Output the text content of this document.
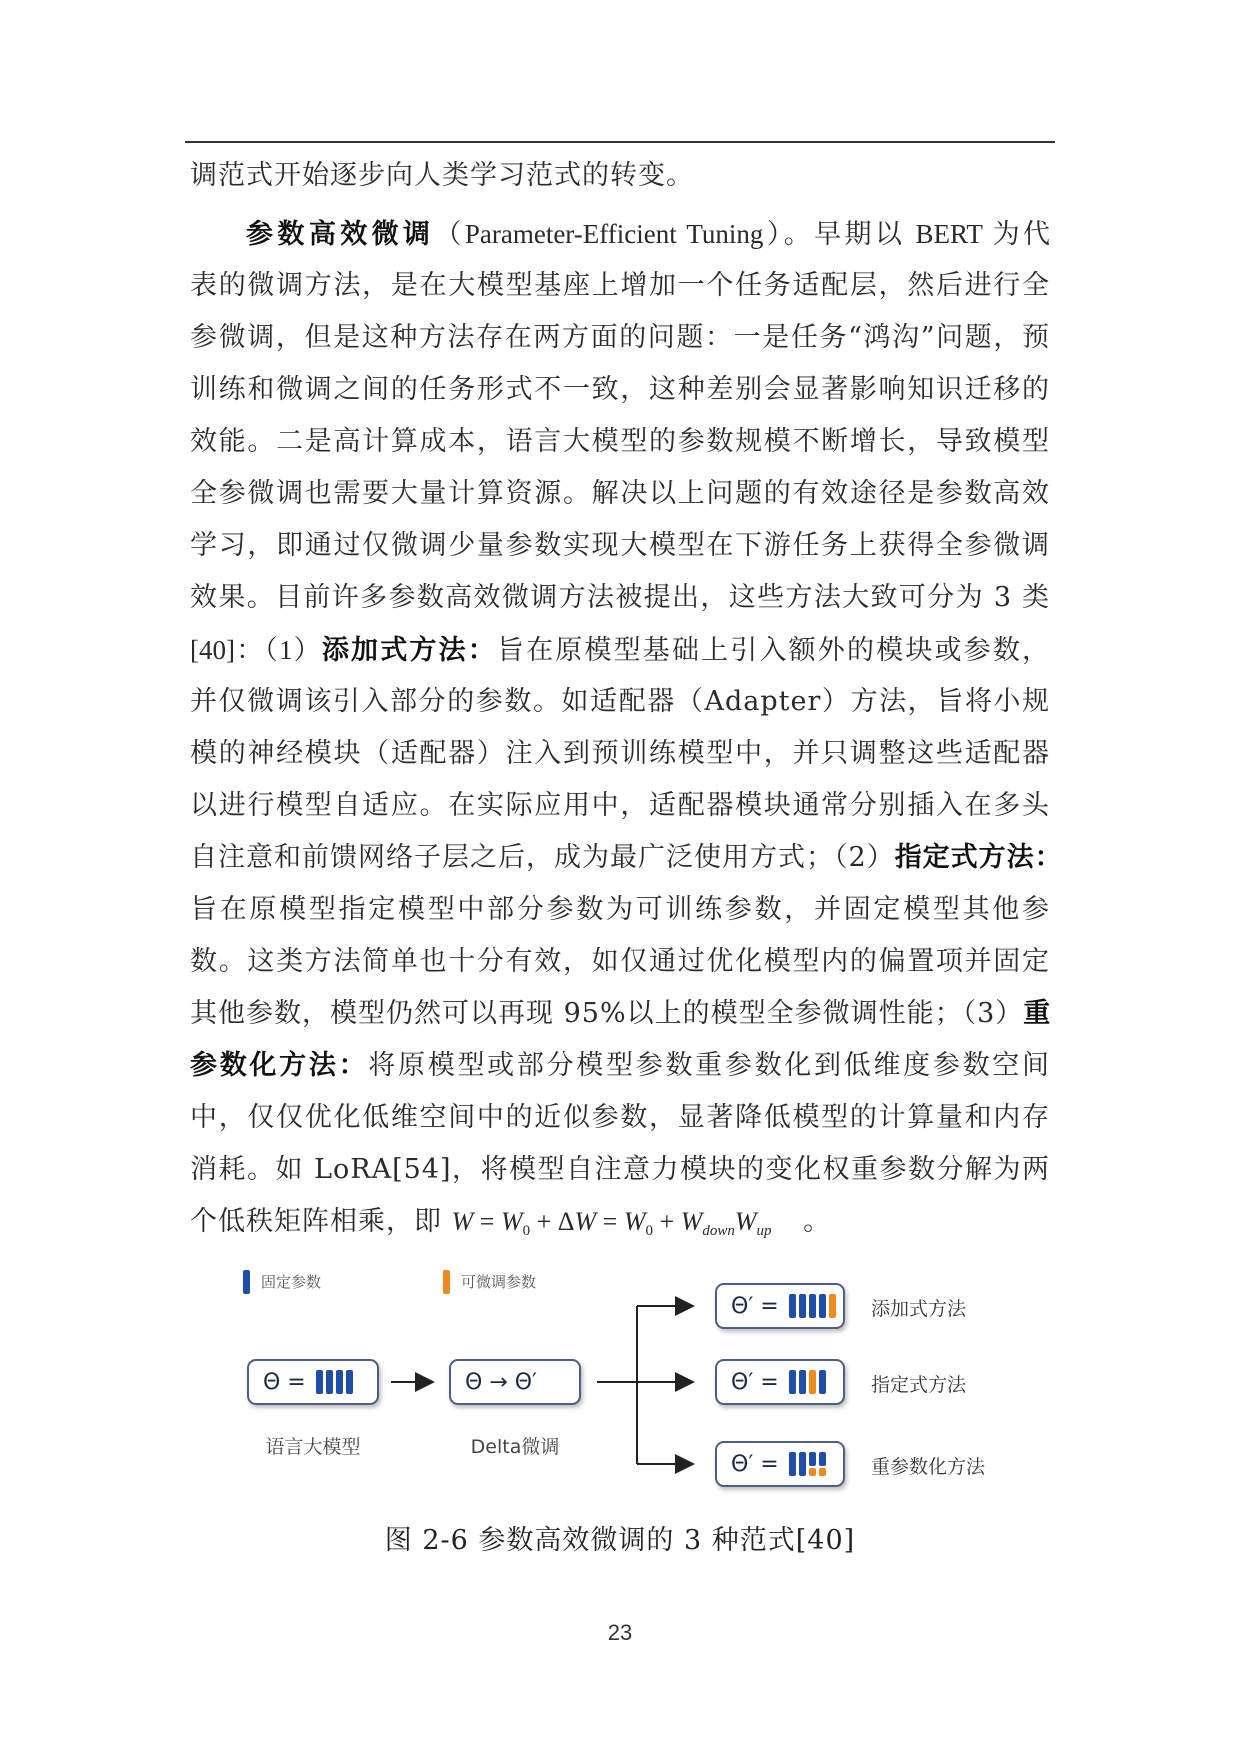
调范式开始逐步向人类学习范式的转变。
参数高效微调（Parameter-Efficient Tuning）。早期以 BERT 为代
表的微调方法，是在大模型基座上增加一个任务适配层，然后进行全
参微调，但是这种方法存在两方面的问题：一是任务“鸿沟”问题，预
训练和微调之间的任务形式不一致，这种差别会显著影响知识迁移的
效能。二是高计算成本，语言大模型的参数规模不断增长，导致模型
全参微调也需要大量计算资源。解决以上问题的有效途径是参数高效
学习，即通过仅微调少量参数实现大模型在下游任务上获得全参微调
效果。目前许多参数高效微调方法被提出，这些方法大致可分为 3 类
[40]：（1）添加式方法：旨在原模型基础上引入额外的模块或参数，
并仅微调该引入部分的参数。如适配器（Adapter）方法，旨将小规
模的神经模块（适配器）注入到预训练模型中，并只调整这些适配器
以进行模型自适应。在实际应用中，适配器模块通常分别插入在多头
自注意和前馈网络子层之后，成为最广泛使用方式；（2）指定式方法：
旨在原模型指定模型中部分参数为可训练参数，并固定模型其他参
数。这类方法简单也十分有效，如仅通过优化模型内的偏置项并固定
其他参数，模型仍然可以再现 95%以上的模型全参微调性能；（3）重
参数化方法：将原模型或部分模型参数重参数化到低维度参数空间
中，仅仅优化低维空间中的近似参数，显著降低模型的计算量和内存
消耗。如 LoRA[54]，将模型自注意力模块的变化权重参数分解为两
个低秩矩阵相乘，即 $W = W_0 + \Delta W = W_0 + W_{down}W_{up}$ 。
固定参数	可微调参数
Θ =
语言大模型
Θ → Θ′
Delta微调
Θ′ =	添加式方法
Θ′ =	指定式方法
Θ′ =	重参数化方法
图 2-6 参数高效微调的 3 种范式[40]
23
